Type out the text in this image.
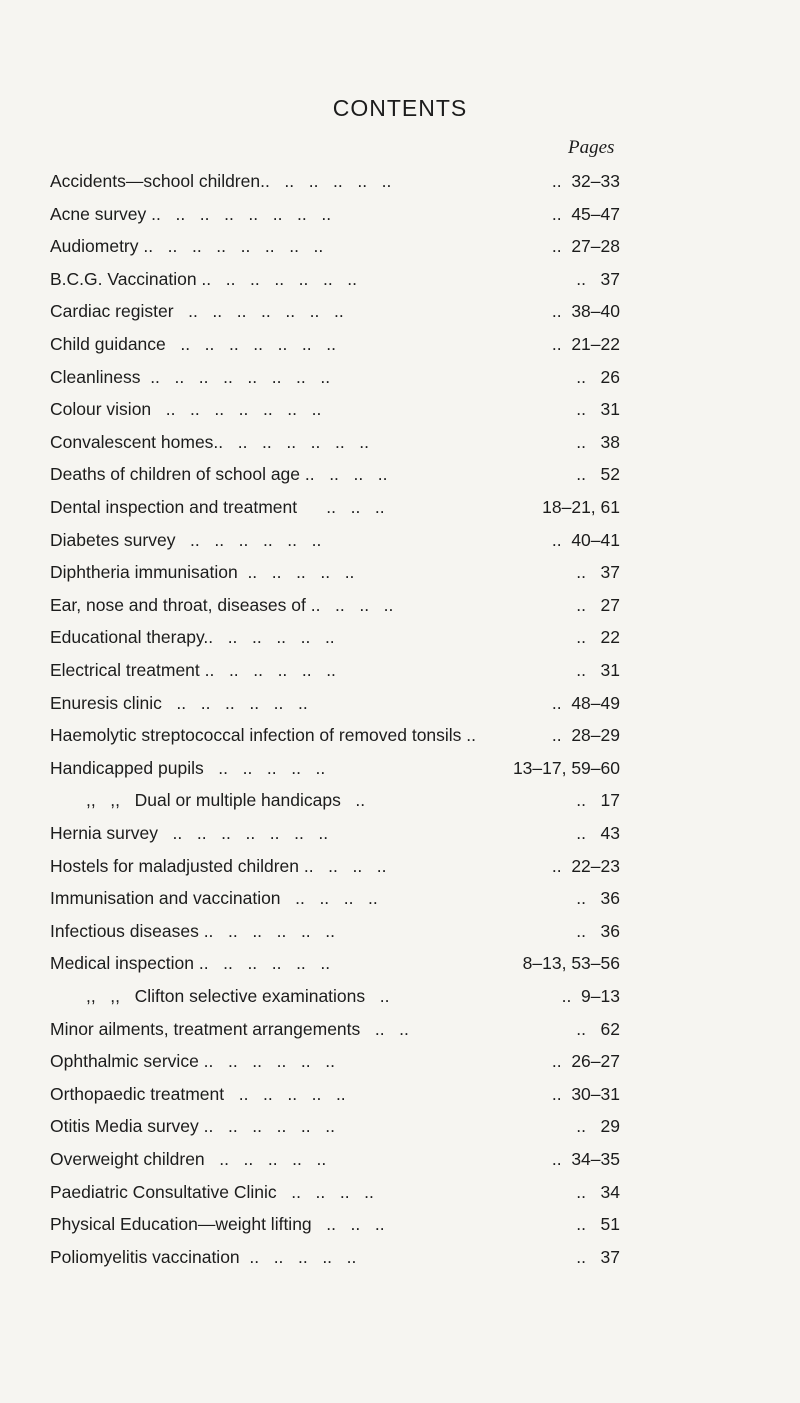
CONTENTS
Pages
Accidents—school children..   ..   ..   ..   ..   ..	..  32–33
Acne survey ..   ..   ..   ..   ..   ..   ..   ..	..  45–47
Audiometry ..   ..   ..   ..   ..   ..   ..   ..	..  27–28
B.C.G. Vaccination ..   ..   ..   ..   ..   ..   ..	..   37
Cardiac register   ..   ..   ..   ..   ..   ..   ..	..  38–40
Child guidance   ..   ..   ..   ..   ..   ..   ..	..  21–22
Cleanliness  ..   ..   ..   ..   ..   ..   ..   ..	..   26
Colour vision   ..   ..   ..   ..   ..   ..   ..	..   31
Convalescent homes..   ..   ..   ..   ..   ..   ..	..   38
Deaths of children of school age ..   ..   ..   ..	..   52
Dental inspection and treatment      ..   ..   ..	18–21, 61
Diabetes survey   ..   ..   ..   ..   ..   ..	..  40–41
Diphtheria immunisation  ..   ..   ..   ..   ..	..   37
Ear, nose and throat, diseases of ..   ..   ..   ..	..   27
Educational therapy..   ..   ..   ..   ..   ..	..   22
Electrical treatment ..   ..   ..   ..   ..   ..	..   31
Enuresis clinic   ..   ..   ..   ..   ..   ..	..  48–49
Haemolytic streptococcal infection of removed tonsils ..	..  28–29
Handicapped pupils   ..   ..   ..   ..   ..	13–17, 59–60
,,   ,,   Dual or multiple handicaps   ..	..   17
Hernia survey   ..   ..   ..   ..   ..   ..   ..	..   43
Hostels for maladjusted children ..   ..   ..   ..	..  22–23
Immunisation and vaccination   ..   ..   ..   ..	..   36
Infectious diseases ..   ..   ..   ..   ..   ..	..   36
Medical inspection ..   ..   ..   ..   ..   ..	8–13, 53–56
,,   ,,   Clifton selective examinations   ..	..  9–13
Minor ailments, treatment arrangements   ..   ..	..   62
Ophthalmic service ..   ..   ..   ..   ..   ..	..  26–27
Orthopaedic treatment   ..   ..   ..   ..   ..	..  30–31
Otitis Media survey ..   ..   ..   ..   ..   ..	..   29
Overweight children   ..   ..   ..   ..   ..	..  34–35
Paediatric Consultative Clinic   ..   ..   ..   ..	..   34
Physical Education—weight lifting   ..   ..   ..	..   51
Poliomyelitis vaccination  ..   ..   ..   ..   ..	..   37
